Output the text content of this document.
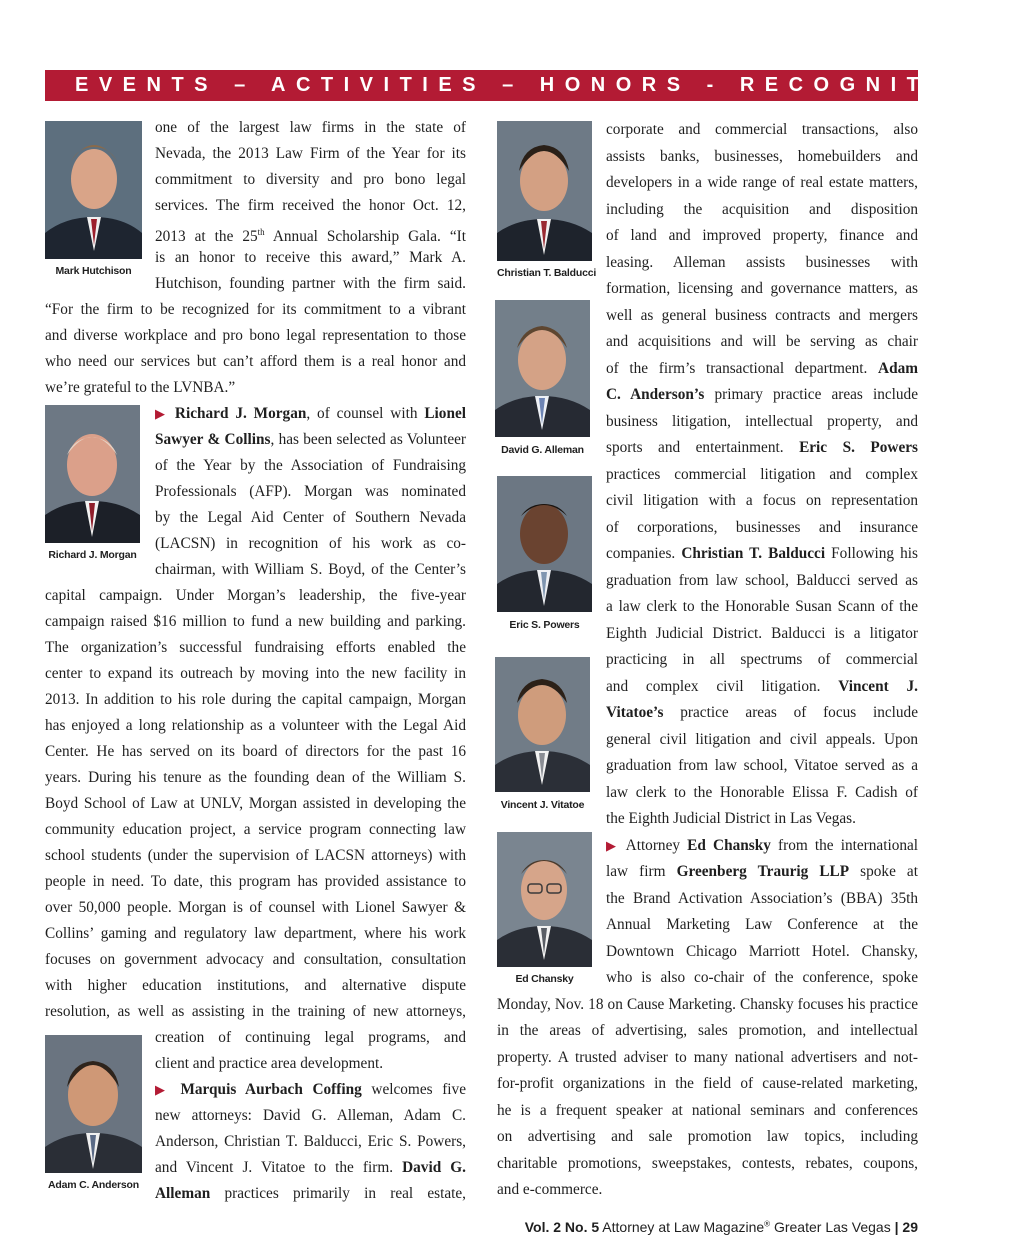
EVENTS – ACTIVITIES – HONORS - RECOGNITIONS
Mark Hutchison
Richard J. Morgan
Adam C. Anderson
Christian T. Balducci
David G. Alleman
Eric S. Powers
Vincent J. Vitatoe
Ed Chansky
one of the largest law firms in the state of
Nevada, the 2013 Law Firm of the Year for its
commitment to diversity and pro bono legal
services. The firm received the honor Oct. 12,
2013 at the 25th Annual Scholarship Gala. “It
is an honor to receive this award,” Mark A.
Hutchison, founding partner with the firm said.
“For the firm to be recognized for its commitment to a vibrant
and diverse workplace and pro bono legal representation to those
who need our services but can’t afford them is a real honor and
we’re grateful to the LVNBA.”
▶ Richard J. Morgan, of counsel with Lionel
Sawyer & Collins, has been selected as Volunteer
of the Year by the Association of Fundraising
Professionals (AFP). Morgan was nominated
by the Legal Aid Center of Southern Nevada
(LACSN) in recognition of his work as co-
chairman, with William S. Boyd, of the Center’s
capital campaign. Under Morgan’s leadership, the five-year
campaign raised $16 million to fund a new building and parking.
The organization’s successful fundraising efforts enabled the
center to expand its outreach by moving into the new facility in
2013. In addition to his role during the capital campaign, Morgan
has enjoyed a long relationship as a volunteer with the Legal Aid
Center. He has served on its board of directors for the past 16
years. During his tenure as the founding dean of the William S.
Boyd School of Law at UNLV, Morgan assisted in developing the
community education project, a service program connecting law
school students (under the supervision of LACSN attorneys) with
people in need. To date, this program has provided assistance to
over 50,000 people. Morgan is of counsel with Lionel Sawyer &
Collins’ gaming and regulatory law department, where his work
focuses on government advocacy and consultation, consultation
with higher education institutions, and alternative dispute
resolution, as well as assisting in the training of new attorneys,
creation of continuing legal programs, and
client and practice area development.
▶ Marquis Aurbach Coffing welcomes five
new attorneys: David G. Alleman, Adam C.
Anderson, Christian T. Balducci, Eric S. Powers,
and Vincent J. Vitatoe to the firm. David G.
Alleman practices primarily in real estate,
corporate and commercial transactions, also
assists banks, businesses, homebuilders and
developers in a wide range of real estate matters,
including the acquisition and disposition
of land and improved property, finance and
leasing. Alleman assists businesses with
formation, licensing and governance matters, as
well as general business contracts and mergers
and acquisitions and will be serving as chair
of the firm’s transactional department. Adam
C. Anderson’s primary practice areas include
business litigation, intellectual property, and
sports and entertainment. Eric S. Powers
practices commercial litigation and complex
civil litigation with a focus on representation
of corporations, businesses and insurance
companies. Christian T. Balducci Following his
graduation from law school, Balducci served as
a law clerk to the Honorable Susan Scann of the
Eighth Judicial District. Balducci is a litigator
practicing in all spectrums of commercial
and complex civil litigation. Vincent J.
Vitatoe’s practice areas of focus include
general civil litigation and civil appeals. Upon
graduation from law school, Vitatoe served as a
law clerk to the Honorable Elissa F. Cadish of
the Eighth Judicial District in Las Vegas.
▶ Attorney Ed Chansky from the international
law firm Greenberg Traurig LLP spoke at
the Brand Activation Association’s (BBA) 35th
Annual Marketing Law Conference at the
Downtown Chicago Marriott Hotel. Chansky,
who is also co-chair of the conference, spoke
Monday, Nov. 18 on Cause Marketing. Chansky focuses his practice
in the areas of advertising, sales promotion, and intellectual
property. A trusted adviser to many national advertisers and not-
for-profit organizations in the field of cause-related marketing,
he is a frequent speaker at national seminars and conferences
on advertising and sale promotion law topics, including
charitable promotions, sweepstakes, contests, rebates, coupons,
and e-commerce.
Vol. 2 No. 5 Attorney at Law Magazine® Greater Las Vegas | 29
